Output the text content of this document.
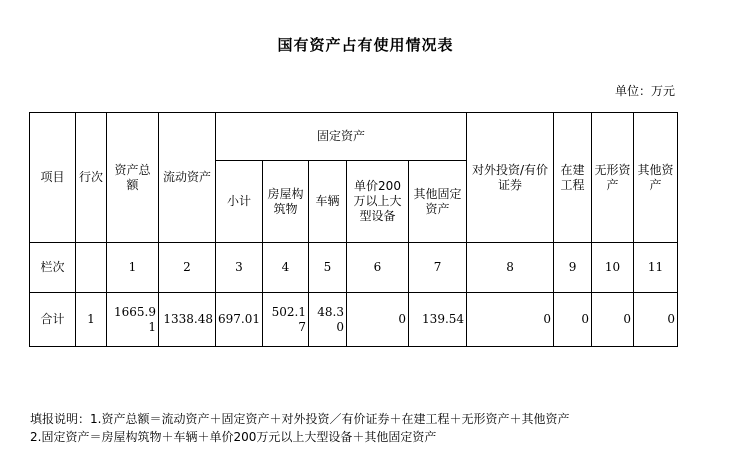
国有资产占有使用情况表
单位：万元
项目	行次	资产总额	流动资产	固定资产					对外投资/有价证券	在建工程	无形资产	其他资产
				小计	房屋构筑物	车辆	单价200万以上大型设备	其他固定资产				
栏次		1	2	3	4	5	6	7	8	9	10	11
合计	1	1665.91	1338.48	697.01	502.17	48.30	0	139.54	0	0	0	0
填报说明：1.资产总额＝流动资产＋固定资产＋对外投资／有价证券＋在建工程＋无形资产＋其他资产
2.固定资产＝房屋构筑物＋车辆＋单价200万元以上大型设备＋其他固定资产
